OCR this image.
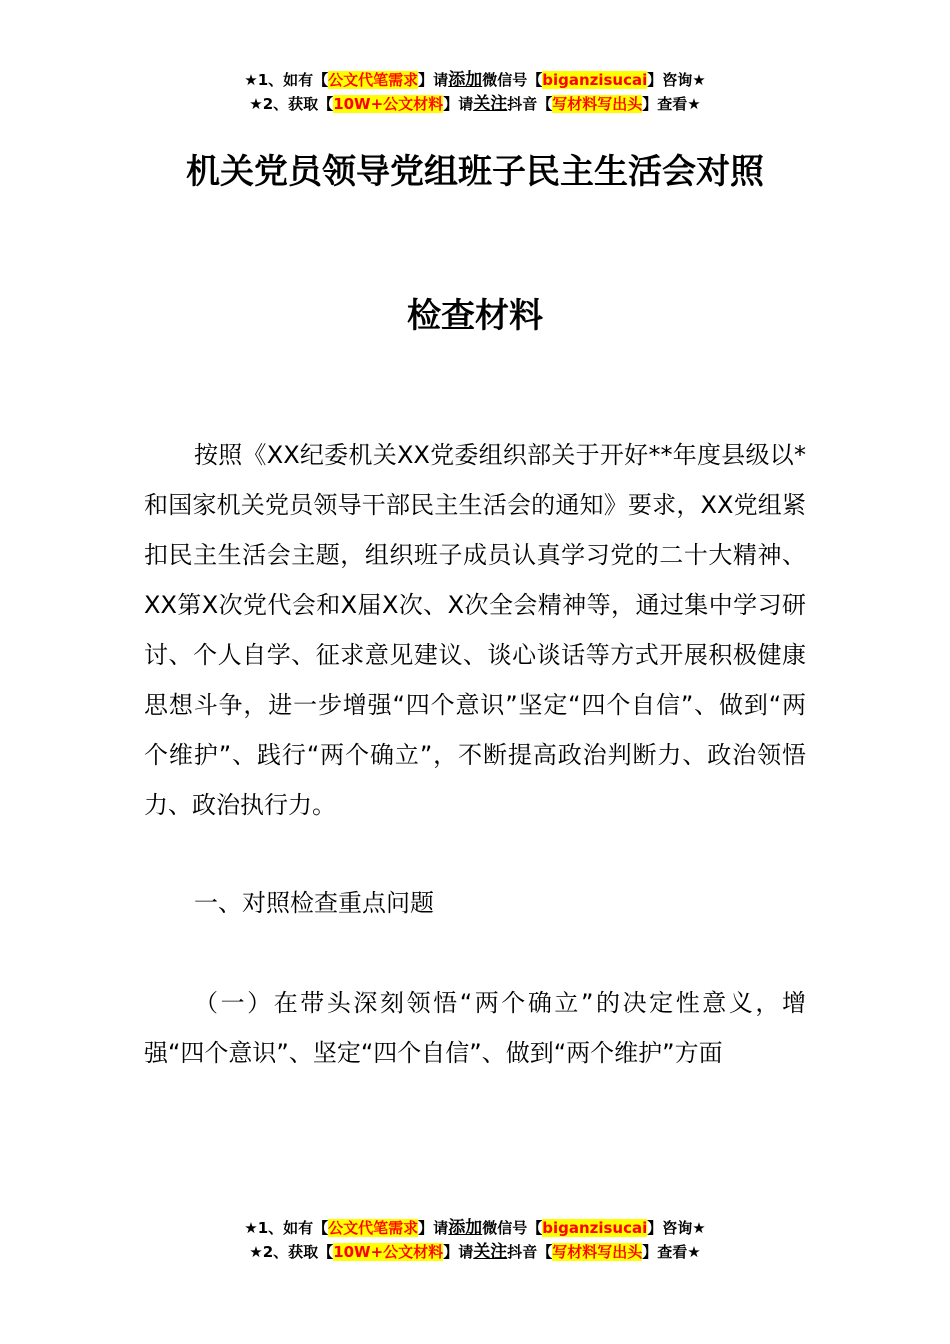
★1、如有【公文代笔需求】请添加微信号【biganzisucai】咨询★
★2、获取【10W+公文材料】请关注抖音【写材料写出头】查看★
机关党员领导党组班子民主生活会对照
检查材料
按照《XX纪委机关XX党委组织部关于开好**年度县级以*和国家机关党员领导干部民主生活会的通知》要求，XX党组紧扣民主生活会主题，组织班子成员认真学习党的二十大精神、XX第X次党代会和X届X次、X次全会精神等，通过集中学习研讨、个人自学、征求意见建议、谈心谈话等方式开展积极健康思想斗争，进一步增强“四个意识”坚定“四个自信”、做到“两个维护”、践行“两个确立”，不断提高政治判断力、政治领悟力、政治执行力。
一、对照检查重点问题
（一）在带头深刻领悟“两个确立”的决定性意义，增强“四个意识”、坚定“四个自信”、做到“两个维护”方面
★1、如有【公文代笔需求】请添加微信号【biganzisucai】咨询★
★2、获取【10W+公文材料】请关注抖音【写材料写出头】查看★
